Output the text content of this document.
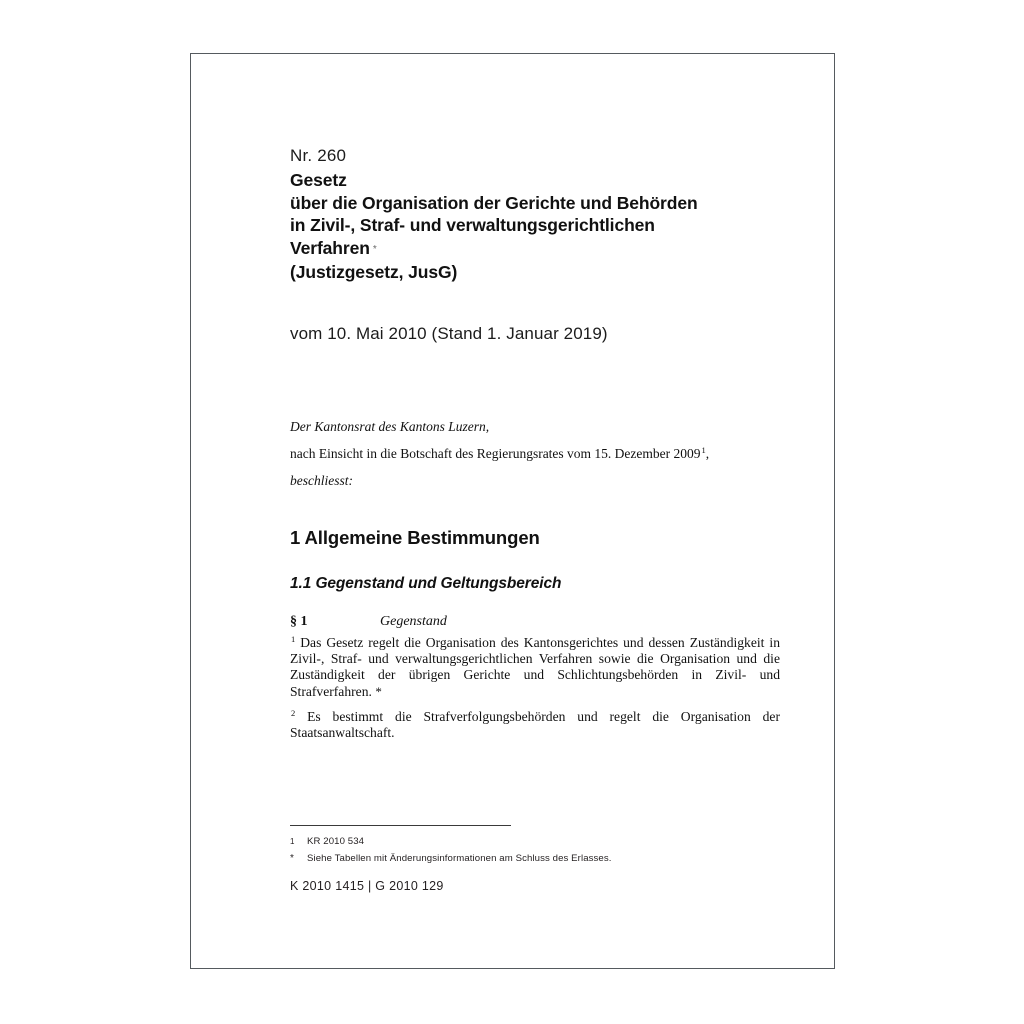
Nr. 260
Gesetz
über die Organisation der Gerichte und Behörden
in Zivil-, Straf- und verwaltungsgerichtlichen
Verfahren *
(Justizgesetz, JusG)
vom 10. Mai 2010 (Stand 1. Januar 2019)
Der Kantonsrat des Kantons Luzern,
nach Einsicht in die Botschaft des Regierungsrates vom 15. Dezember 2009$^1$,
beschliesst:
1 Allgemeine Bestimmungen
1.1 Gegenstand und Geltungsbereich
§ 1	Gegenstand

$^1$ Das Gesetz regelt die Organisation des Kantonsgerichtes und dessen Zuständigkeit in Zivil-, Straf- und verwaltungsgerichtlichen Verfahren sowie die Organisation und die Zuständigkeit der übrigen Gerichte und Schlichtungsbehörden in Zivil- und Strafverfahren. *

$^2$ Es bestimmt die Strafverfolgungsbehörden und regelt die Organisation der Staatsanwaltschaft.

1	KR 2010 534
*	Siehe Tabellen mit Änderungsinformationen am Schluss des Erlasses.
K 2010 1415 | G 2010 129
